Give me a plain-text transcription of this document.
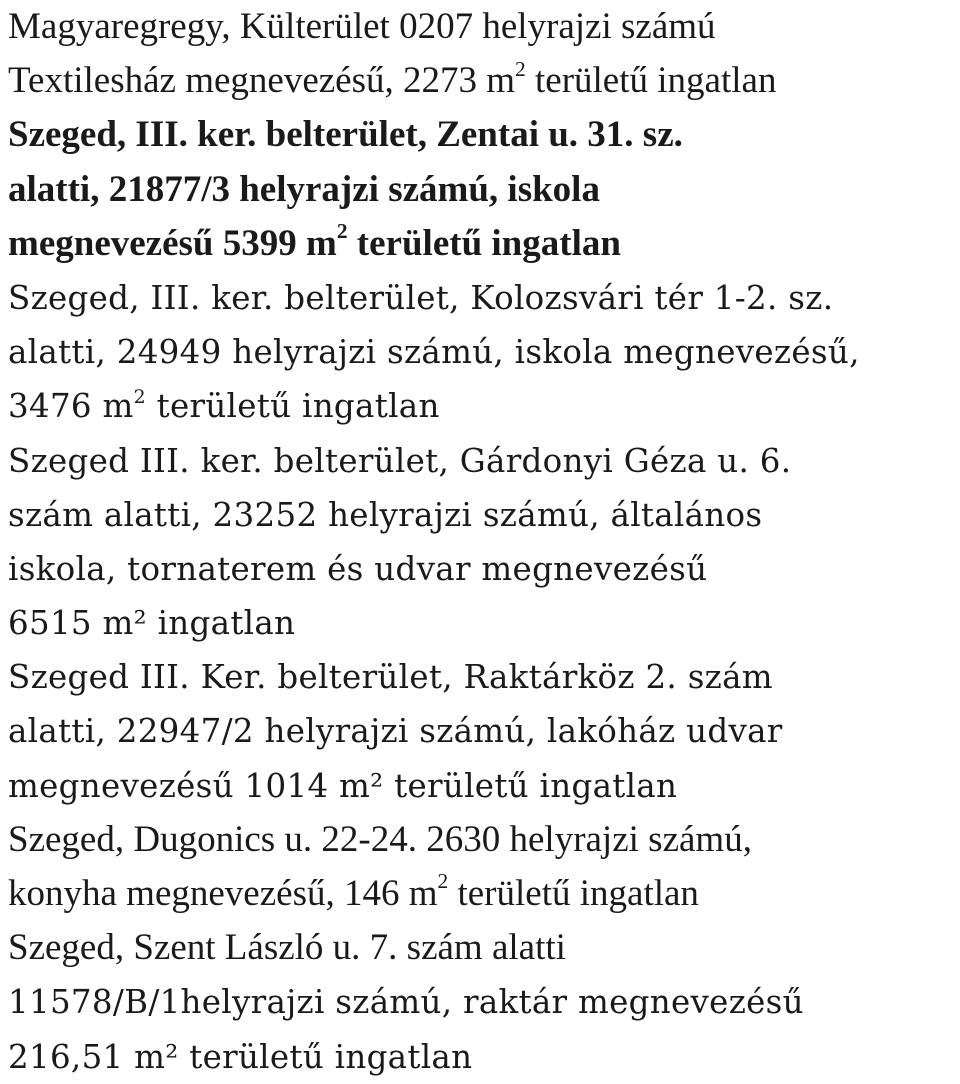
Magyaregregy, Külterület 0207 helyrajzi számú
Textilesház megnevezésű, 2273 $m^2$ területű ingatlan
Szeged, III. ker. belterület, Zentai u. 31. sz.
alatti, 21877/3 helyrajzi számú, iskola
megnevezésű 5399 $m^2$ területű ingatlan
Szeged, III. ker. belterület, Kolozsvári tér 1-2. sz.
alatti, 24949 helyrajzi számú, iskola megnevezésű,
3476 $m^2$ területű ingatlan
Szeged III. ker. belterület, Gárdonyi Géza u. 6.
szám alatti, 23252 helyrajzi számú, általános
iskola, tornaterem és udvar megnevezésű
6515 m² ingatlan
Szeged III. Ker. belterület, Raktárköz 2. szám
alatti, 22947/2 helyrajzi számú, lakóház udvar
megnevezésű 1014 m² területű ingatlan
Szeged, Dugonics u. 22-24. 2630 helyrajzi számú,
konyha megnevezésű, 146 $m^2$ területű ingatlan
Szeged, Szent László u. 7. szám alatti
11578/B/1helyrajzi számú, raktár megnevezésű
216,51 m² területű ingatlan
